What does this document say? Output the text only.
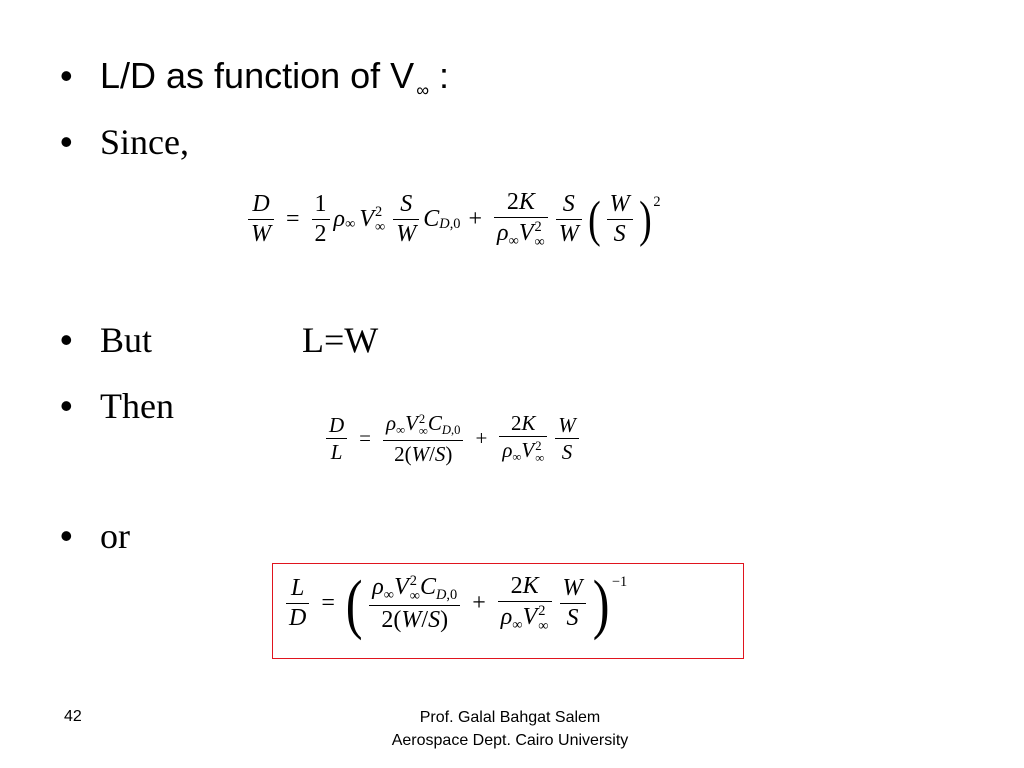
• L/D as function of V $_\infty$ :
• Since,
$\frac{D}{W} = \frac{1}{2}$ ρ ∞ V 2
∞ $\frac{S}{W}$ C D ,0 + 2K
$\rho_\infty V$ 2
∞ $\frac{S}{W}$ ( $\frac{W}{S}$ ) 2
• But	L=W
• Then
$\frac{D}{L} = \rho_\infty V$ 2
∞ $C_{D,0}$
2(W/S) + 2K
$\rho_\infty V$ 2
∞ $\frac{W}{S}$
• or
$\frac{L}{D}$ = ( $\rho_\infty V$ 2
∞ $C_{D,0}$
2(W/S) + 2K
$\rho_\infty V$ 2
∞ $\frac{W}{S}$ ) −1
42	Prof. Galal Bahgat Salem
Aerospace Dept. Cairo University
